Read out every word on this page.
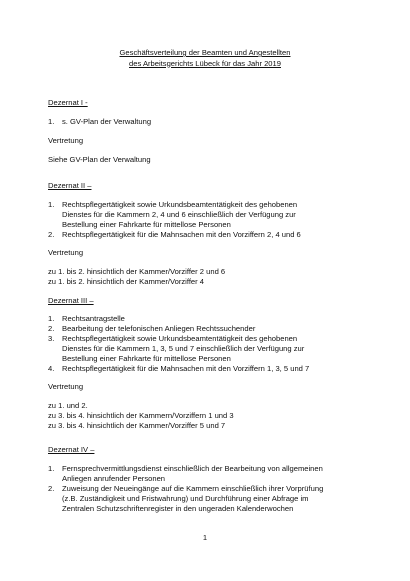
Geschäftsverteilung der Beamten und Angestellten
des Arbeitsgerichts Lübeck für das Jahr 2019
Dezernat I -
1. s. GV-Plan der Verwaltung
Vertretung
Siehe GV-Plan der Verwaltung
Dezernat II –
1. Rechtspflegertätigkeit sowie Urkundsbeamtentätigkeit des gehobenen
Dienstes für die Kammern 2, 4 und 6 einschließlich der Verfügung zur
Bestellung einer Fahrkarte für mittellose Personen
2. Rechtspflegertätigkeit für die Mahnsachen mit den Vorziffern 2, 4 und 6
Vertretung
zu 1. bis 2. hinsichtlich der Kammer/Vorziffer 2 und 6
zu 1. bis 2. hinsichtlich der Kammer/Vorziffer 4
Dezernat III –
1. Rechtsantragstelle
2. Bearbeitung der telefonischen Anliegen Rechtssuchender
3. Rechtspflegertätigkeit sowie Urkundsbeamtentätigkeit des gehobenen
Dienstes für die Kammern 1, 3, 5 und 7 einschließlich der Verfügung zur
Bestellung einer Fahrkarte für mittellose Personen
4. Rechtspflegertätigkeit für die Mahnsachen mit den Vorziffern 1, 3, 5 und 7
Vertretung
zu 1. und 2.
zu 3. bis 4. hinsichtlich der Kammern/Vorziffern 1 und 3
zu 3. bis 4. hinsichtlich der Kammer/Vorziffer 5 und 7
Dezernat IV –
1. Fernsprechvermittlungsdienst einschließlich der Bearbeitung von allgemeinen
Anliegen anrufender Personen
2. Zuweisung der Neueingänge auf die Kammern einschließlich ihrer Vorprüfung
(z.B. Zuständigkeit und Fristwahrung) und Durchführung einer Abfrage im
Zentralen Schutzschriftenregister in den ungeraden Kalenderwochen
1
